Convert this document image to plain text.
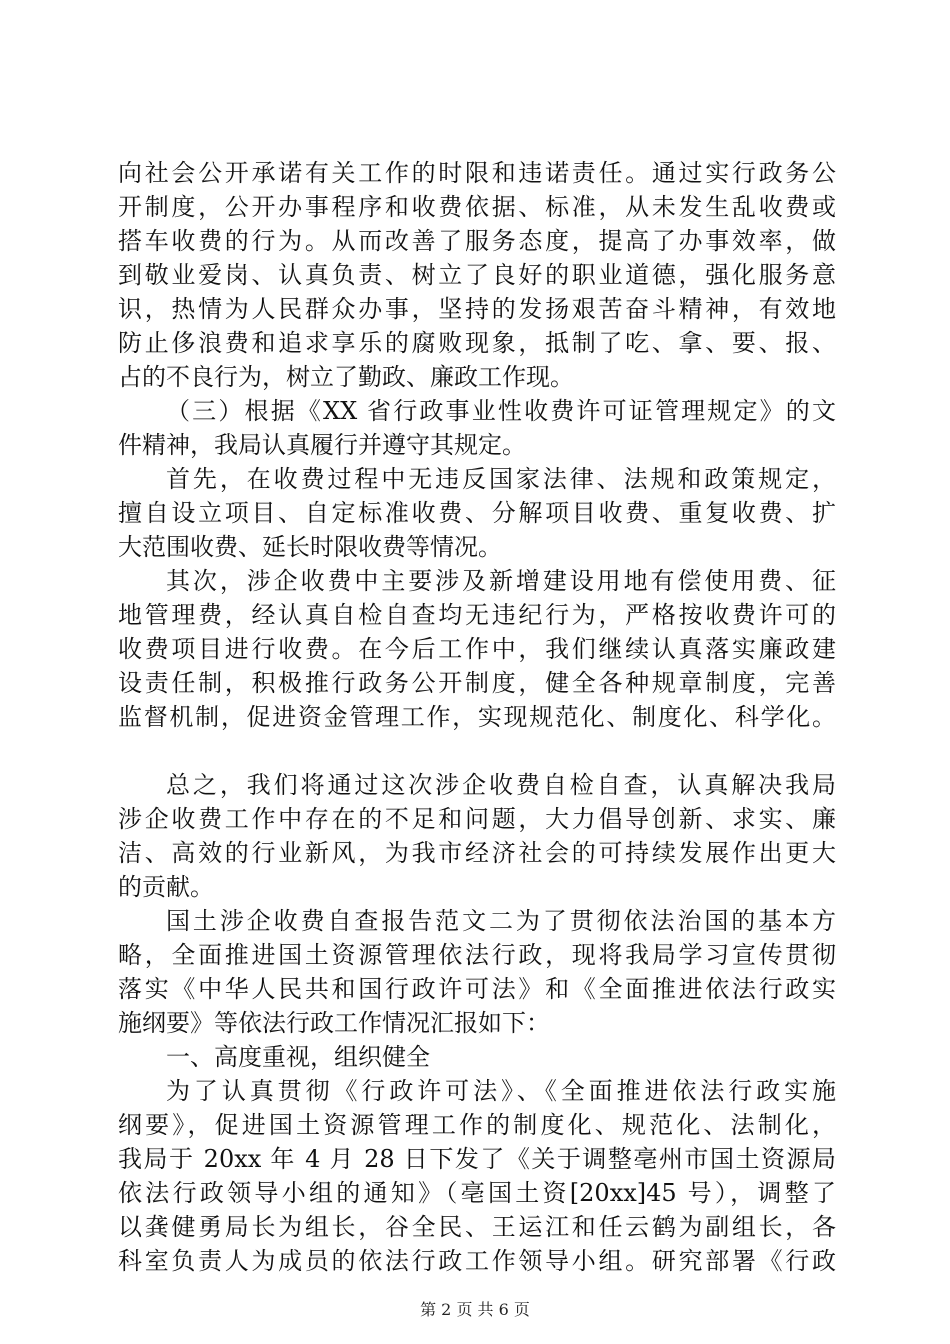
向社会公开承诺有关工作的时限和违诺责任。通过实行政务公
开制度，公开办事程序和收费依据、标准，从未发生乱收费或
搭车收费的行为。从而改善了服务态度，提高了办事效率，做
到敬业爱岗、认真负责、树立了良好的职业道德，强化服务意
识，热情为人民群众办事，坚持的发扬艰苦奋斗精神，有效地
防止侈浪费和追求享乐的腐败现象，抵制了吃、拿、要、报、
占的不良行为，树立了勤政、廉政工作现。
（三）根据《XX 省行政事业性收费许可证管理规定》的文
件精神，我局认真履行并遵守其规定。
首先，在收费过程中无违反国家法律、法规和政策规定，
擅自设立项目、自定标准收费、分解项目收费、重复收费、扩
大范围收费、延长时限收费等情况。
其次，涉企收费中主要涉及新增建设用地有偿使用费、征
地管理费，经认真自检自查均无违纪行为，严格按收费许可的
收费项目进行收费。在今后工作中，我们继续认真落实廉政建
设责任制，积极推行政务公开制度，健全各种规章制度，完善
监督机制，促进资金管理工作，实现规范化、制度化、科学化。
总之，我们将通过这次涉企收费自检自查，认真解决我局
涉企收费工作中存在的不足和问题，大力倡导创新、求实、廉
洁、高效的行业新风，为我市经济社会的可持续发展作出更大
的贡献。
国土涉企收费自查报告范文二为了贯彻依法治国的基本方
略，全面推进国土资源管理依法行政，现将我局学习宣传贯彻
落实《中华人民共和国行政许可法》和《全面推进依法行政实
施纲要》等依法行政工作情况汇报如下：
一、高度重视，组织健全
为了认真贯彻《行政许可法》、《全面推进依法行政实施
纲要》，促进国土资源管理工作的制度化、规范化、法制化，
我局于 20xx 年 4 月 28 日下发了《关于调整亳州市国土资源局
依法行政领导小组的通知》（亳国土资[20xx]45 号），调整了
以龚健勇局长为组长，谷全民、王运江和任云鹤为副组长，各
科室负责人为成员的依法行政工作领导小组。研究部署《行政
第 2 页 共 6 页
